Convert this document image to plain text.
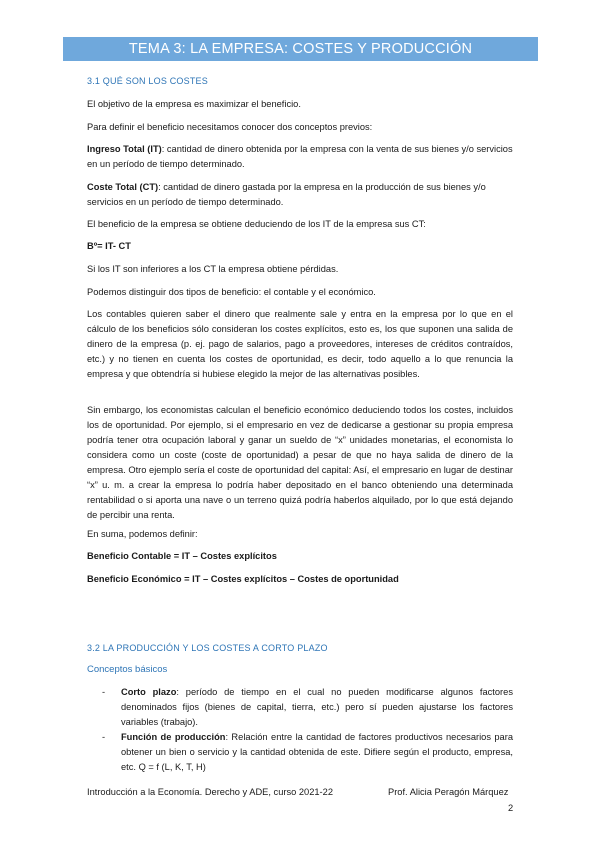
TEMA 3: LA EMPRESA: COSTES Y PRODUCCIÓN
3.1 QUÉ SON LOS COSTES
El objetivo de la empresa es maximizar el beneficio.
Para definir el beneficio necesitamos conocer dos conceptos previos:
Ingreso Total (IT): cantidad de dinero obtenida por la empresa con la venta de sus bienes y/o servicios en un período de tiempo determinado.
Coste Total (CT): cantidad de dinero gastada por la empresa en la producción de sus bienes y/o servicios en un período de tiempo determinado.
El beneficio de la empresa se obtiene deduciendo de los IT de la empresa sus CT:
Bº= IT- CT
Si los IT son inferiores a los CT la empresa obtiene pérdidas.
Podemos distinguir dos tipos de beneficio: el contable y el económico.
Los contables quieren saber el dinero que realmente sale y entra en la empresa por lo que en el cálculo de los beneficios sólo consideran los costes explícitos, esto es, los que suponen una salida de dinero de la empresa (p. ej. pago de salarios, pago a proveedores, intereses de créditos contraídos, etc.) y no tienen en cuenta los costes de oportunidad, es decir, todo aquello a lo que renuncia la empresa y que obtendría si hubiese elegido la mejor de las alternativas posibles.
Sin embargo, los economistas calculan el beneficio económico deduciendo todos los costes, incluidos los de oportunidad. Por ejemplo, si el empresario en vez de dedicarse a gestionar su propia empresa podría tener otra ocupación laboral y ganar un sueldo de “x” unidades monetarias, el economista lo considera como un coste (coste de oportunidad) a pesar de que no haya salida de dinero de la empresa. Otro ejemplo sería el coste de oportunidad del capital: Así, el empresario en lugar de destinar “x” u. m. a crear la empresa lo podría haber depositado en el banco obteniendo una determinada rentabilidad o si aporta una nave o un terreno quizá podría haberlos alquilado, por lo que está dejando de percibir una renta.
En suma, podemos definir:
Beneficio Contable = IT – Costes explícitos
Beneficio Económico = IT – Costes explícitos – Costes de oportunidad
3.2 LA PRODUCCIÓN Y LOS COSTES A CORTO PLAZO
Conceptos básicos
- Corto plazo: período de tiempo en el cual no pueden modificarse algunos factores denominados fijos (bienes de capital, tierra, etc.) pero sí pueden ajustarse los factores variables (trabajo).
- Función de producción: Relación entre la cantidad de factores productivos necesarios para obtener un bien o servicio y la cantidad obtenida de este. Difiere según el producto, empresa, etc. Q = f (L, K, T, H)
Introducción a la Economía. Derecho y ADE, curso 2021-22	Prof. Alicia Peragón Márquez
2
